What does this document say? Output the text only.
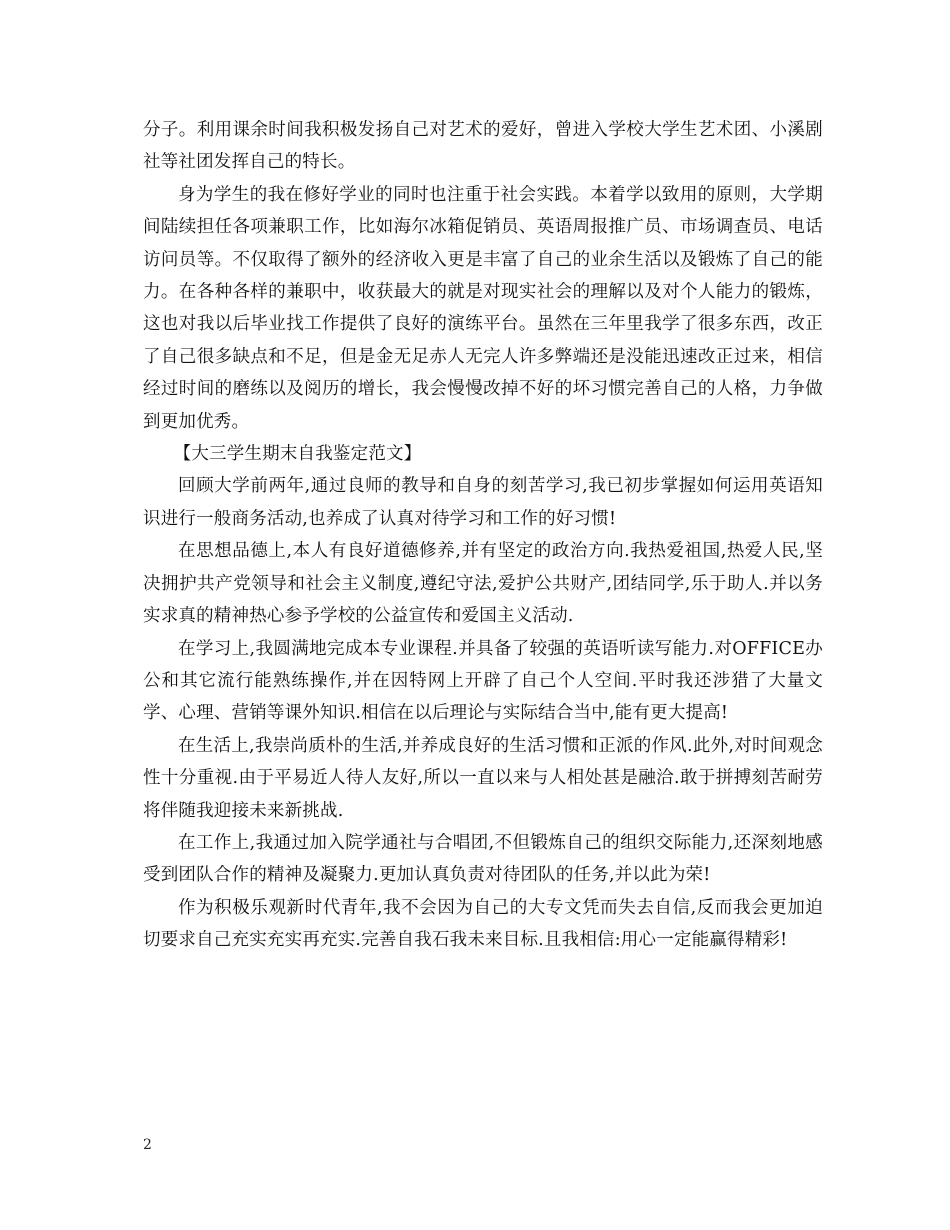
分子。利用课余时间我积极发扬自己对艺术的爱好，曾进入学校大学生艺术团、小溪剧社等社团发挥自己的特长。

身为学生的我在修好学业的同时也注重于社会实践。本着学以致用的原则，大学期间陆续担任各项兼职工作，比如海尔冰箱促销员、英语周报推广员、市场调查员、电话访问员等。不仅取得了额外的经济收入更是丰富了自己的业余生活以及锻炼了自己的能力。在各种各样的兼职中，收获最大的就是对现实社会的理解以及对个人能力的锻炼，这也对我以后毕业找工作提供了良好的演练平台。虽然在三年里我学了很多东西，改正了自己很多缺点和不足，但是金无足赤人无完人许多弊端还是没能迅速改正过来，相信经过时间的磨练以及阅历的增长，我会慢慢改掉不好的坏习惯完善自己的人格，力争做到更加优秀。

【大三学生期末自我鉴定范文】

回顾大学前两年,通过良师的教导和自身的刻苦学习,我已初步掌握如何运用英语知识进行一般商务活动,也养成了认真对待学习和工作的好习惯!

在思想品德上,本人有良好道德修养,并有坚定的政治方向.我热爱祖国,热爱人民,坚决拥护共产党领导和社会主义制度,遵纪守法,爱护公共财产,团结同学,乐于助人.并以务实求真的精神热心参予学校的公益宣传和爱国主义活动.

在学习上,我圆满地完成本专业课程.并具备了较强的英语听读写能力.对OFFICE办公和其它流行能熟练操作,并在因特网上开辟了自己个人空间.平时我还涉猎了大量文学、心理、营销等课外知识.相信在以后理论与实际结合当中,能有更大提高!

在生活上,我崇尚质朴的生活,并养成良好的生活习惯和正派的作风.此外,对时间观念性十分重视.由于平易近人待人友好,所以一直以来与人相处甚是融洽.敢于拼搏刻苦耐劳将伴随我迎接未来新挑战.

在工作上,我通过加入院学通社与合唱团,不但锻炼自己的组织交际能力,还深刻地感受到团队合作的精神及凝聚力.更加认真负责对待团队的任务,并以此为荣!

作为积极乐观新时代青年,我不会因为自己的大专文凭而失去自信,反而我会更加迫切要求自己充实充实再充实.完善自我石我未来目标.且我相信:用心一定能赢得精彩!

2
